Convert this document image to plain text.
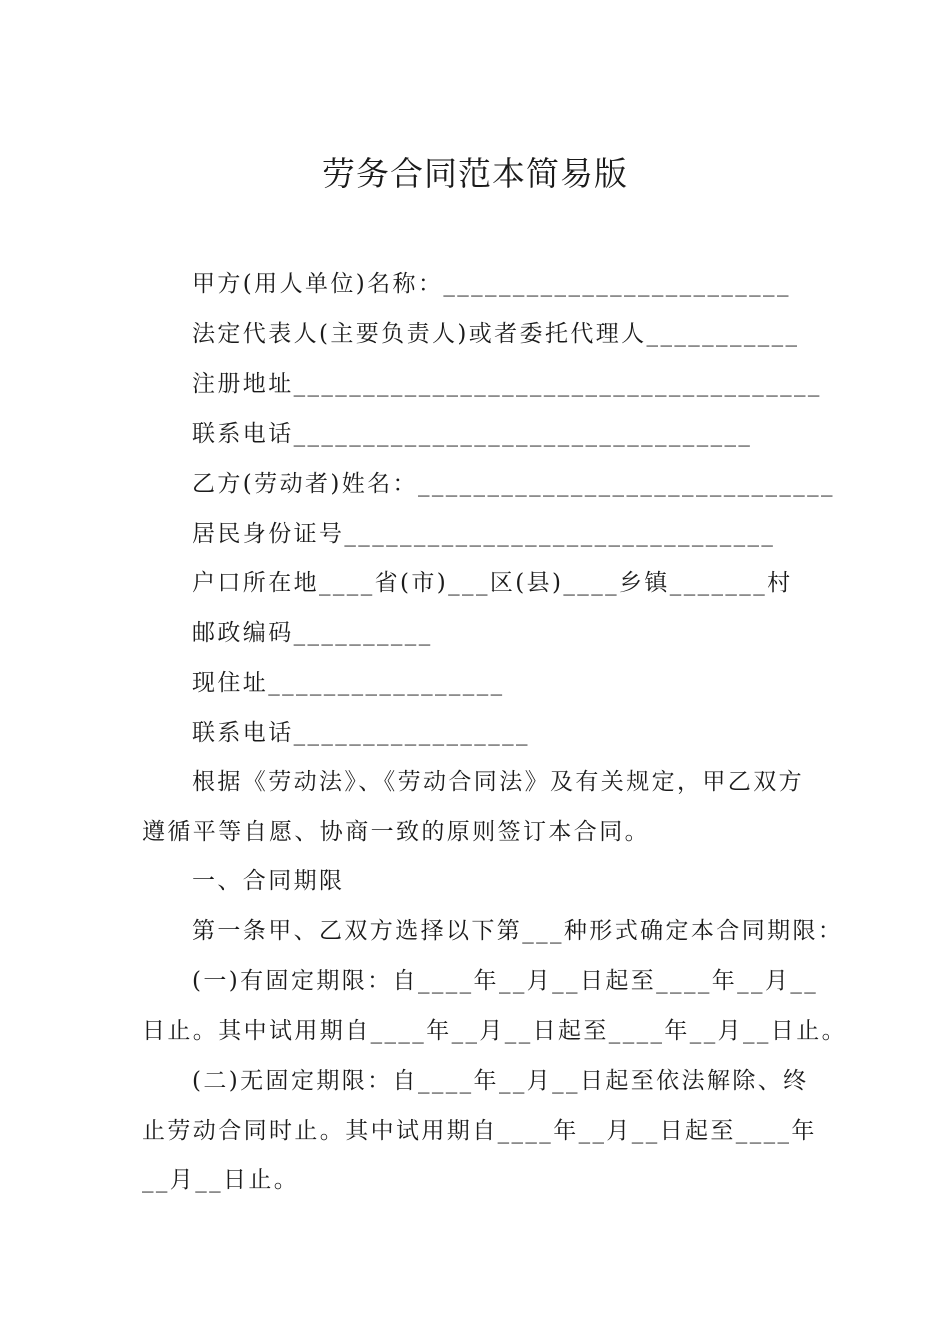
劳务合同范本简易版
甲方(用人单位)名称：_________________________
法定代表人(主要负责人)或者委托代理人___________
注册地址______________________________________
联系电话_________________________________
乙方(劳动者)姓名：______________________________
居民身份证号_______________________________
户口所在地____省(市)___区(县)____乡镇_______村
邮政编码__________
现住址_________________
联系电话_________________
根据《劳动法》、《劳动合同法》及有关规定，甲乙双方
遵循平等自愿、协商一致的原则签订本合同。
一、合同期限
第一条甲、乙双方选择以下第___种形式确定本合同期限：
(一)有固定期限：自____年__月__日起至____年__月__
日止。其中试用期自____年__月__日起至____年__月__日止。
(二)无固定期限：自____年__月__日起至依法解除、终
止劳动合同时止。其中试用期自____年__月__日起至____年
__月__日止。
